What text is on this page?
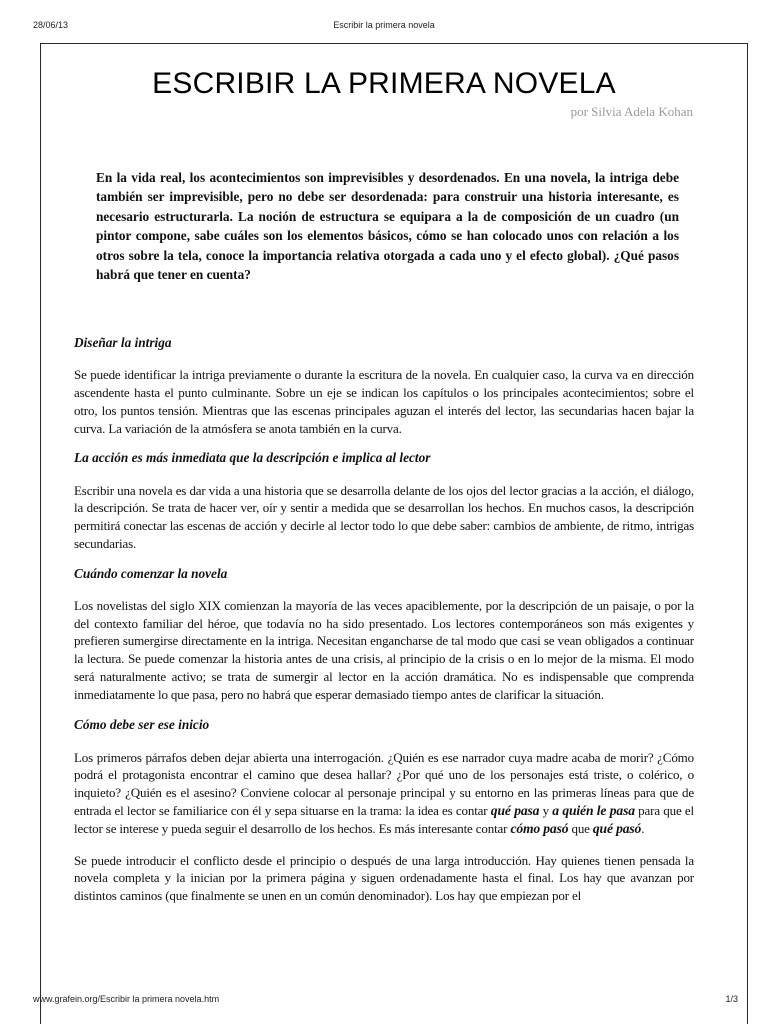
28/06/13	Escribir la primera novela
ESCRIBIR LA PRIMERA NOVELA
por Silvia Adela Kohan

En la vida real, los acontecimientos son imprevisibles y desordenados. En una novela, la intriga debe también ser imprevisible, pero no debe ser desordenada: para construir una historia interesante, es necesario estructurarla. La noción de estructura se equipara a la de composición de un cuadro (un pintor compone, sabe cuáles son los elementos básicos, cómo se han colocado unos con relación a los otros sobre la tela, conoce la importancia relativa otorgada a cada uno y el efecto global). ¿Qué pasos habrá que tener en cuenta?

Diseñar la intriga

Se puede identificar la intriga previamente o durante la escritura de la novela. En cualquier caso, la curva va en dirección ascendente hasta el punto culminante. Sobre un eje se indican los capítulos o los principales acontecimientos; sobre el otro, los puntos tensión. Mientras que las escenas principales aguzan el interés del lector, las secundarias hacen bajar la curva. La variación de la atmósfera se anota también en la curva.

La acción es más inmediata que la descripción e implica al lector

Escribir una novela es dar vida a una historia que se desarrolla delante de los ojos del lector gracias a la acción, el diálogo, la descripción. Se trata de hacer ver, oír y sentir a medida que se desarrollan los hechos. En muchos casos, la descripción permitirá conectar las escenas de acción y decirle al lector todo lo que debe saber: cambios de ambiente, de ritmo, intrigas secundarias.

Cuándo comenzar la novela

Los novelistas del siglo XIX comienzan la mayoría de las veces apaciblemente, por la descripción de un paisaje, o por la del contexto familiar del héroe, que todavía no ha sido presentado. Los lectores contemporáneos son más exigentes y prefieren sumergirse directamente en la intriga. Necesitan engancharse de tal modo que casi se vean obligados a continuar la lectura. Se puede comenzar la historia antes de una crisis, al principio de la crisis o en lo mejor de la misma. El modo será naturalmente activo; se trata de sumergir al lector en la acción dramática. No es indispensable que comprenda inmediatamente lo que pasa, pero no habrá que esperar demasiado tiempo antes de clarificar la situación.

Cómo debe ser ese inicio

Los primeros párrafos deben dejar abierta una interrogación. ¿Quién es ese narrador cuya madre acaba de morir? ¿Cómo podrá el protagonista encontrar el camino que desea hallar? ¿Por qué uno de los personajes está triste, o colérico, o inquieto? ¿Quién es el asesino? Conviene colocar al personaje principal y su entorno en las primeras líneas para que de entrada el lector se familiarice con él y sepa situarse en la trama: la idea es contar qué pasa y a quién le pasa para que el lector se interese y pueda seguir el desarrollo de los hechos. Es más interesante contar cómo pasó que qué pasó.

Se puede introducir el conflicto desde el principio o después de una larga introducción. Hay quienes tienen pensada la novela completa y la inician por la primera página y siguen ordenadamente hasta el final. Los hay que avanzan por distintos caminos (que finalmente se unen en un común denominador). Los hay que empiezan por el

www.grafein.org/Escribir la primera novela.htm	1/3
